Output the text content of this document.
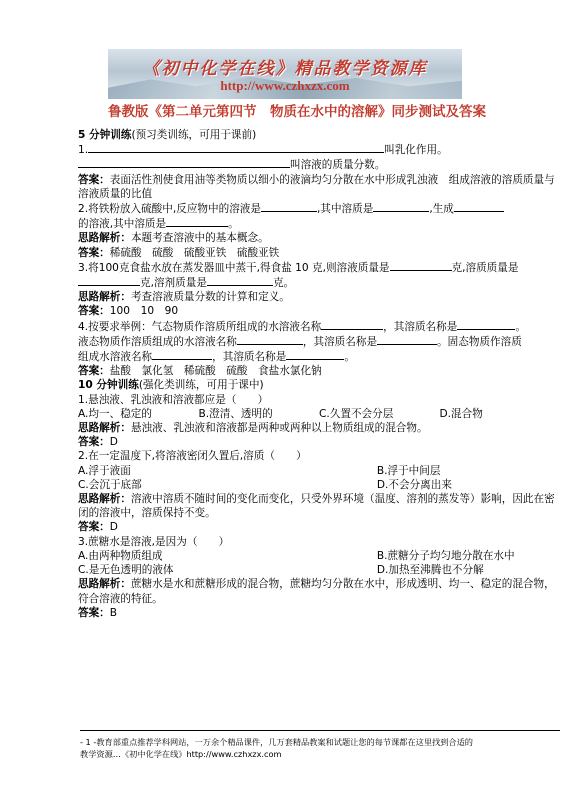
《初中化学在线》精品教学资源库
http://www.czhxzx.com
鲁教版《第二单元第四节　物质在水中的溶解》同步测试及答案

5 分钟训练(预习类训练，可用于课前)

1.	叫乳化作用。

叫溶液的质量分数。

答案：表面活性剂使食用油等类物质以细小的液滴均匀分散在水中形成乳浊液　组成溶液的溶质质量与溶液质量的比值

2.将铁粉放入硫酸中,反应物中的溶液是	,其中溶质是	,生成

的溶液,其中溶质是	。

思路解析：本题考查溶液中的基本概念。

答案：稀硫酸　硫酸　硫酸亚铁　硫酸亚铁

3.将100克食盐水放在蒸发器皿中蒸干,得食盐 10 克,则溶液质量是	克,溶质质量是

克,溶剂质量是	克。

思路解析：考查溶液质量分数的计算和定义。

答案：100　10　90

4.按要求举例：气态物质作溶质所组成的水溶液名称	，其溶质名称是	。

液态物质作溶质组成的水溶液名称	，其溶质名称是	。固态物质作溶质

组成水溶液名称	，其溶质名称是	。

答案：盐酸　氯化氢　稀硫酸　硫酸　食盐水氯化钠

10 分钟训练(强化类训练，可用于课中)

1.悬浊液、乳浊液和溶液都应是（　　）

A.均一、稳定的	B.澄清、透明的	C.久置不会分层	D.混合物

思路解析：悬浊液、乳浊液和溶液都是两种或两种以上物质组成的混合物。

答案：D

2.在一定温度下,将溶液密闭久置后,溶质（　　）

A.浮于液面	B.浮于中间层
C.会沉于底部	D.不会分离出来

思路解析：溶液中溶质不随时间的变化而变化，只受外界环境（温度、溶剂的蒸发等）影响，因此在密闭的溶液中，溶质保持不变。

答案：D

3.蔗糖水是溶液,是因为（　　）

A.由两种物质组成	B.蔗糖分子均匀地分散在水中
C.是无色透明的液体	D.加热至沸腾也不分解

思路解析：蔗糖水是水和蔗糖形成的混合物，蔗糖均匀分散在水中，形成透明、均一、稳定的混合物，符合溶液的特征。

答案：B

- 1 -教育部重点推荐学科网站，一万余个精品课件，几万套精品教案和试题让您的每节课都在这里找到合适的
教学资源…《初中化学在线》http://www.czhxzx.com
